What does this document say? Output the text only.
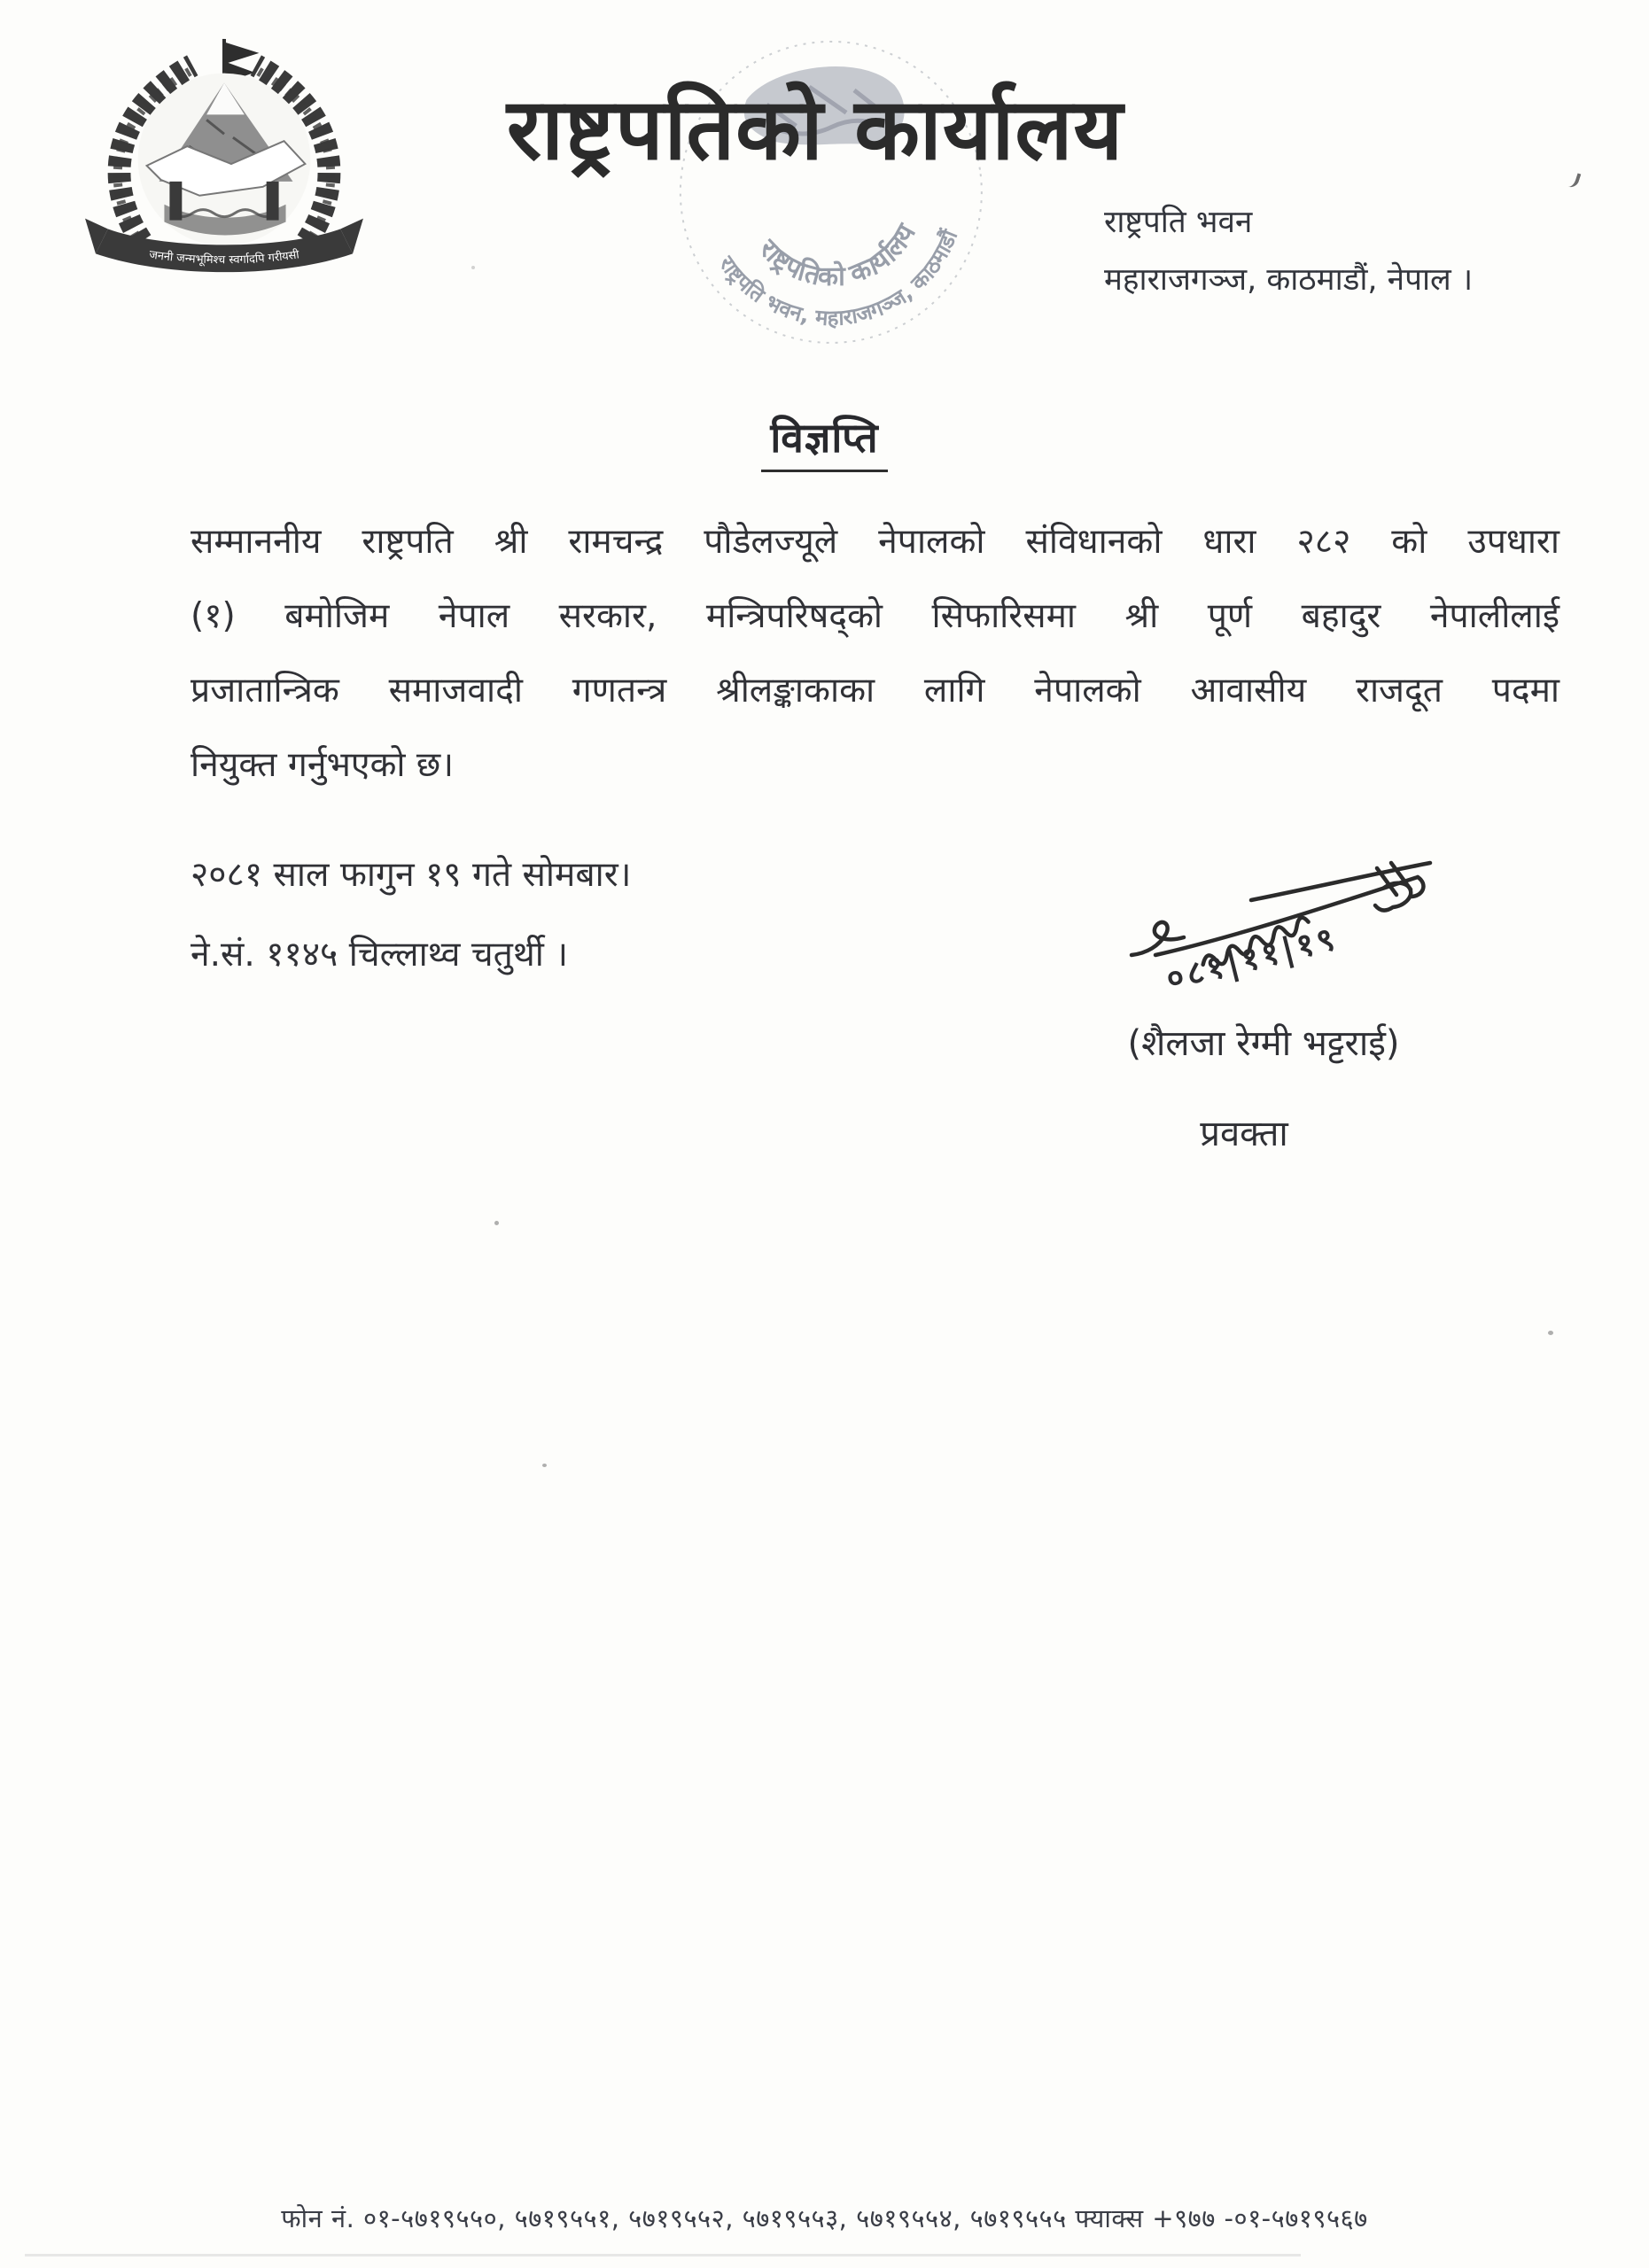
जननी जन्मभूमिश्च स्वर्गादपि गरीयसी	राष्ट्रपतिको कार्यालय
राष्ट्रपति भवन, महाराजगञ्ज, काठमाडौं
राष्ट्रपतिको कार्यालय
राष्ट्रपति भवन
महाराजगञ्ज, काठमाडौं, नेपाल ।
विज्ञप्ति
सम्माननीय राष्ट्रपति श्री रामचन्द्र पौडेलज्यूले नेपालको संविधानको धारा २८२ को उपधारा
(१) बमोजिम नेपाल सरकार, मन्त्रिपरिषद्को सिफारिसमा श्री पूर्ण बहादुर नेपालीलाई
प्रजातान्त्रिक समाजवादी गणतन्त्र श्रीलङ्काकाका लागि नेपालको आवासीय राजदूत पदमा
नियुक्त गर्नुभएको छ।
२०८१ साल फागुन १९ गते सोमबार।
ने.सं. ११४५ चिल्लाथ्व चतुर्थी ।	०८१|११|१९
(शैलजा रेग्मी भट्टराई)
प्रवक्ता
फोन नं. ०१-५७१९५५०, ५७१९५५१, ५७१९५५२, ५७१९५५३, ५७१९५५४, ५७१९५५५ फ्याक्स +९७७ -०१-५७१९५६७
